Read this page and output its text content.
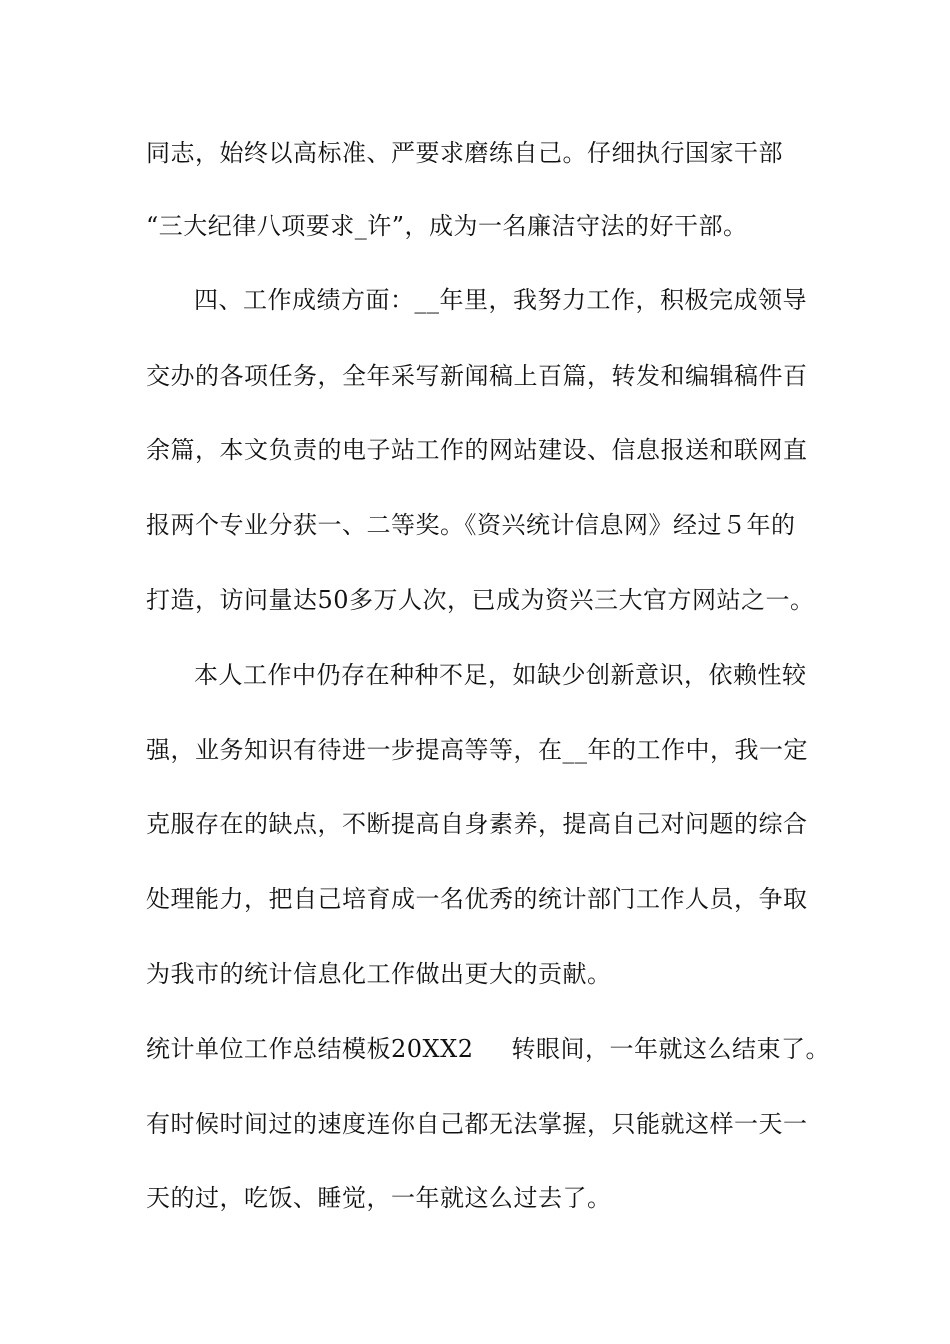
同志，始终以高标准、严要求磨练自己。仔细执行国家干部
“三大纪律八项要求_许”，成为一名廉洁守法的好干部。
四、工作成绩方面：__年里，我努力工作，积极完成领导
交办的各项任务，全年采写新闻稿上百篇，转发和编辑稿件百
余篇，本文负责的电子站工作的网站建设、信息报送和联网直
报两个专业分获一、二等奖。《资兴统计信息网》经过５年的
打造，访问量达50多万人次，已成为资兴三大官方网站之一。
本人工作中仍存在种种不足，如缺少创新意识，依赖性较
强，业务知识有待进一步提高等等，在__年的工作中，我一定
克服存在的缺点，不断提高自身素养，提高自己对问题的综合
处理能力，把自己培育成一名优秀的统计部门工作人员，争取
为我市的统计信息化工作做出更大的贡献。
统计单位工作总结模板20XX2 转眼间，一年就这么结束了。
有时候时间过的速度连你自己都无法掌握，只能就这样一天一
天的过，吃饭、睡觉，一年就这么过去了。
